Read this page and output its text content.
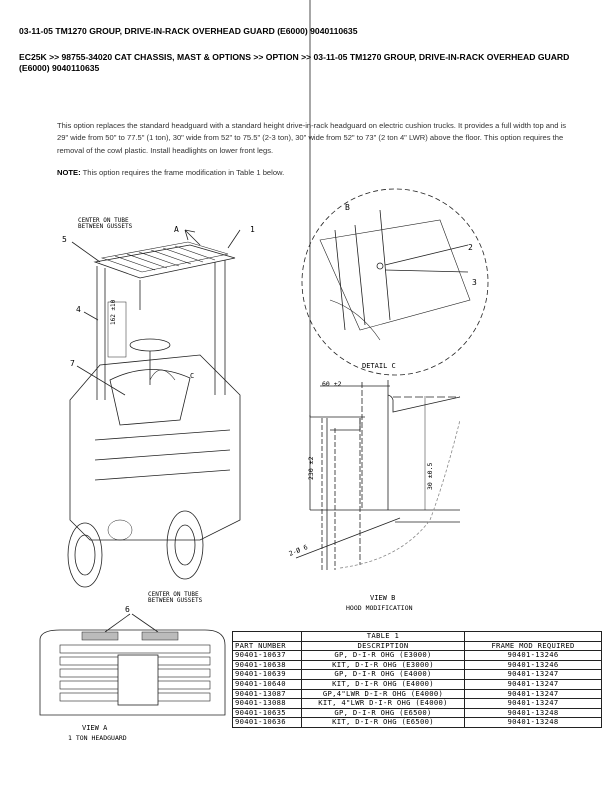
03-11-05 TM1270 GROUP, DRIVE-IN-RACK OVERHEAD GUARD (E6000) 9040110635
EC25K >> 98755-34020 CAT CHASSIS, MAST & OPTIONS >> OPTION >> 03-11-05 TM1270 GROUP, DRIVE-IN-RACK OVERHEAD GUARD (E6000) 9040110635
This option replaces the standard headguard with a standard height drive-in-rack headguard on electric cushion trucks. It provides a full width top and is 29" wide from 50" to 77.5" (1 ton), 30" wide from 52" to 75.5" (2-3 ton), 30" wide from 52" to 73" (2 ton 4" LWR) above the floor. This option requires the removal of the cowl plastic. Install headlights on lower front legs.
NOTE: This option requires the frame modification in Table 1 below.
A
162 ±10
C
CENTER ON TUBE
BETWEEN GUSSETS	1
5
4
7
2
3
B
DETAIL C
60 ±2
230 ±2	30 ±0.5
2-Ø 6
VIEW B
HOOD MODIFICATION
CENTER ON TUBE
BETWEEN GUSSETS
6
VIEW A
1 TON HEADGUARD
	TABLE 1	
PART NUMBER	DESCRIPTION	FRAME MOD REQUIRED
90401-10637	GP, D-I-R OHG (E3000)	90401-13246
90401-10638	KIT, D-I-R OHG (E3000)	90401-13246
90401-10639	GP, D-I-R OHG (E4000)	90401-13247
90401-10640	KIT, D-I-R OHG (E4000)	90401-13247
90401-13087	GP,4"LWR D-I-R OHG (E4000)	90401-13247
90401-13088	KIT, 4"LWR D-I-R OHG (E4000)	90401-13247
90401-10635	GP, D-I-R OHG (E6500)	90401-13248
90401-10636	KIT, D-I-R OHG (E6500)	90401-13248
